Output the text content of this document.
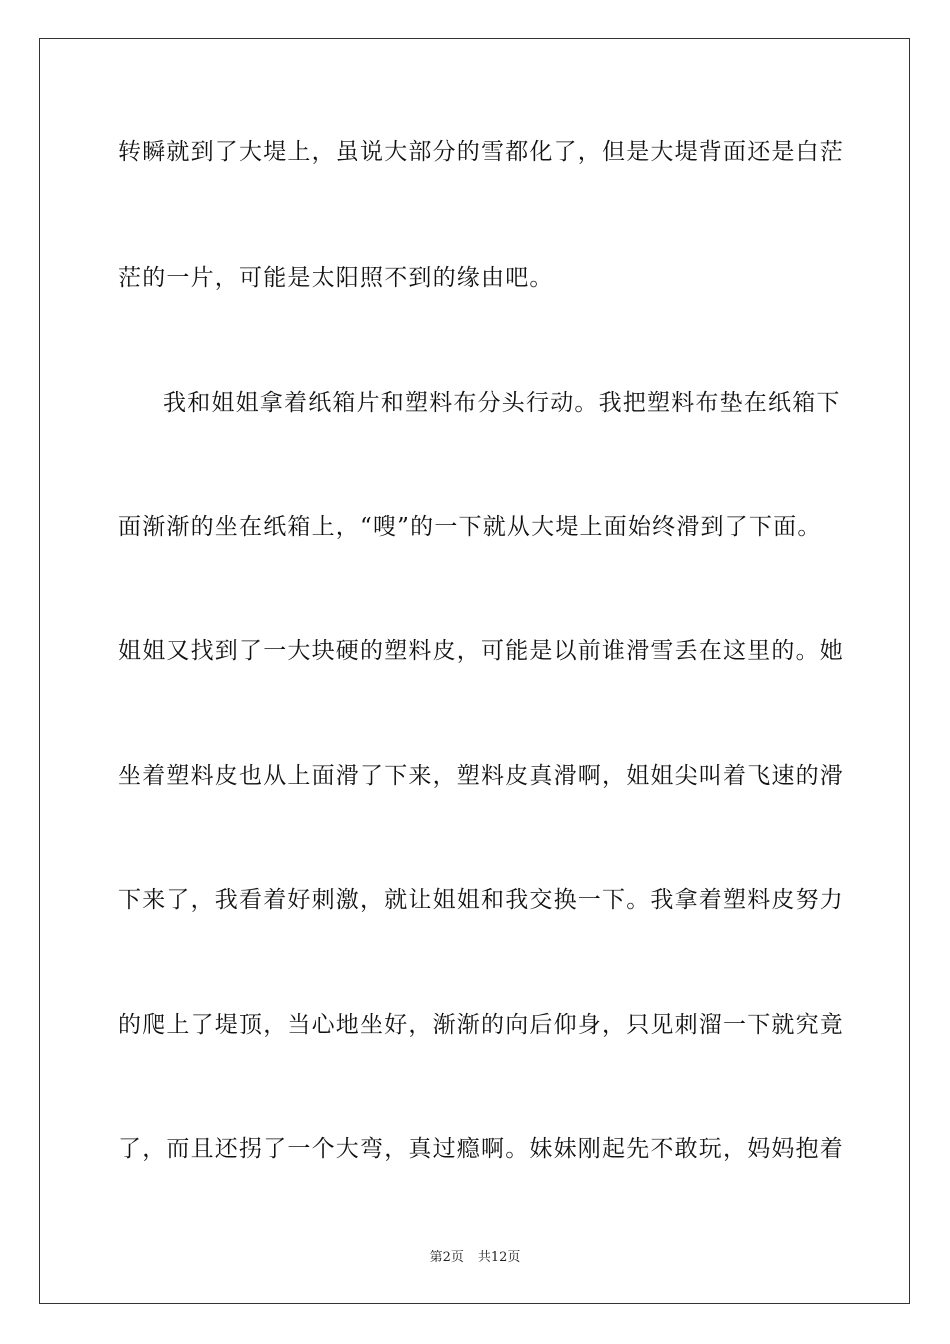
转瞬就到了大堤上，虽说大部分的雪都化了，但是大堤背面还是白茫
茫的一片，可能是太阳照不到的缘由吧。
我和姐姐拿着纸箱片和塑料布分头行动。我把塑料布垫在纸箱下
面渐渐的坐在纸箱上，“嗖”的一下就从大堤上面始终滑到了下面。
姐姐又找到了一大块硬的塑料皮，可能是以前谁滑雪丢在这里的。她
坐着塑料皮也从上面滑了下来，塑料皮真滑啊，姐姐尖叫着飞速的滑
下来了，我看着好刺激，就让姐姐和我交换一下。我拿着塑料皮努力
的爬上了堤顶，当心地坐好，渐渐的向后仰身，只见刺溜一下就究竟
了，而且还拐了一个大弯，真过瘾啊。妹妹刚起先不敢玩，妈妈抱着
第2页 共12页
